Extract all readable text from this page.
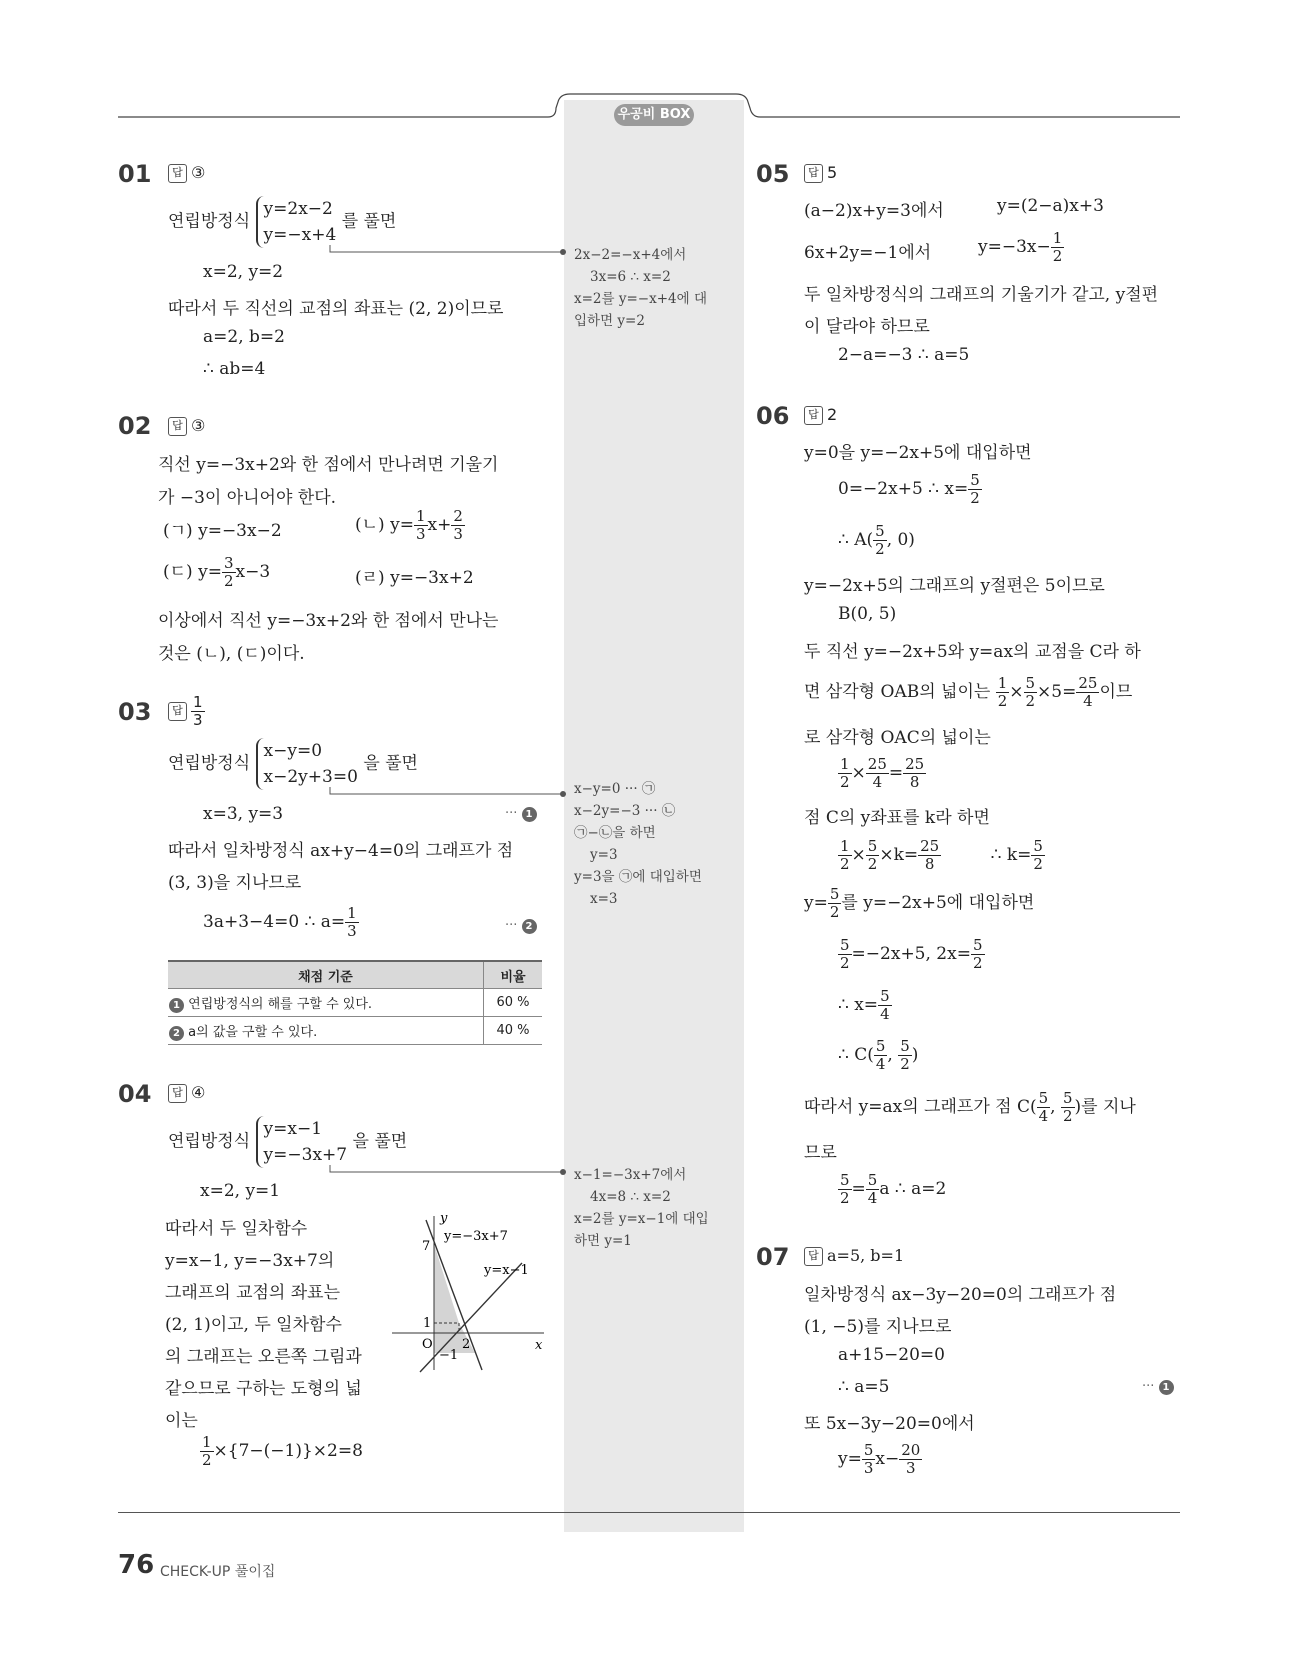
우공비 BOX
01	답 ③
연립방정식 y=2x−2
y=−x+4 를 풀면
x=2, y=2
따라서 두 직선의 교점의 좌표는 (2, 2)이므로
a=2, b=2
∴ ab=4
2x−2=−x+4에서
3x=6 ∴ x=2
x=2를 y=−x+4에 대
입하면 y=2
02	답 ③
직선 y=−3x+2와 한 점에서 만나려면 기울기
가 −3이 아니어야 한다.
(ㄱ) y=−3x−2	(ㄴ) $y= \frac{1}{3} x+ \frac{2}{3}$
(ㄷ) $y= \frac{3}{2} x-3$	(ㄹ) y=−3x+2
이상에서 직선 y=−3x+2와 한 점에서 만나는
것은 (ㄴ), (ㄷ)이다.
03	답 $\frac{1}{3}$
연립방정식 x−y=0
x−2y+3=0 을 풀면
x=3, y=3	··· 1
따라서 일차방정식 ax+y−4=0의 그래프가 점
(3, 3)을 지나므로
3a+3−4=0 ∴ $a= \frac{1}{3}$	··· 2
채점 기준	비율
1 연립방정식의 해를 구할 수 있다.	60 %
2 a의 값을 구할 수 있다.	40 %
x−y=0 ··· ㉠
x−2y=−3 ··· ㉡
㉠−㉡을 하면
y=3
y=3을 ㉠에 대입하면
x=3
04	답 ④
연립방정식 y=x−1
y=−3x+7 을 풀면
x=2, y=1
따라서 두 일차함수
y=x−1, y=−3x+7의
그래프의 교점의 좌표는
(2, 1)이고, 두 일차함수
의 그래프는 오른쪽 그림과
같으므로 구하는 도형의 넓
이는
$\frac{1}{2} \times\{7-(-1)\}\times 2=8$
y
x
O
7
1
−1
2
y=−3x+7
y=x−1
x−1=−3x+7에서
4x=8 ∴ x=2
x=2를 y=x−1에 대입
하면 y=1
05	답 5
(a−2)x+y=3에서	y=(2−a)x+3
6x+2y=−1에서	$y=-3x- \frac{1}{2}$
두 일차방정식의 그래프의 기울기가 같고, y절편
이 달라야 하므로
2−a=−3 ∴ a=5
06	답 2
y=0을 y=−2x+5에 대입하면
0=−2x+5 ∴ $x= \frac{5}{2}$
∴ $A( \frac{5}{2}$ , 0)
y=−2x+5의 그래프의 y절편은 5이므로
B(0, 5)
두 직선 y=−2x+5와 y=ax의 교점을 C라 하
면 삼각형 OAB의 넓이는 $\frac{1}{2} \times \frac{5}{2} \times 5= \frac{25}{4}$ 이므
로 삼각형 OAC의 넓이는
$\frac{1}{2} \times \frac{25}{4} = \frac{25}{8}$
점 C의 y좌표를 k라 하면
$\frac{1}{2} \times \frac{5}{2} \times k= \frac{25}{8}$	∴ $k= \frac{5}{2}$
$y= \frac{5}{2}$ 를 y=−2x+5에 대입하면
$\frac{5}{2} =-2x+5$, $2x= \frac{5}{2}$
∴ $x= \frac{5}{4}$
∴ $C( \frac{5}{4}$ , $\frac{5}{2}$ )
따라서 y=ax의 그래프가 점 $C( \frac{5}{4}$ , $\frac{5}{2}$ )를 지나
므로
$\frac{5}{2} = \frac{5}{4}$ a ∴ a=2
07	답 a=5, b=1
일차방정식 ax−3y−20=0의 그래프가 점
(1, −5)를 지나므로
a+15−20=0
∴ a=5	··· 1
또 5x−3y−20=0에서
$y= \frac{5}{3} x- \frac{20}{3}$
76 CHECK-UP 풀이집
